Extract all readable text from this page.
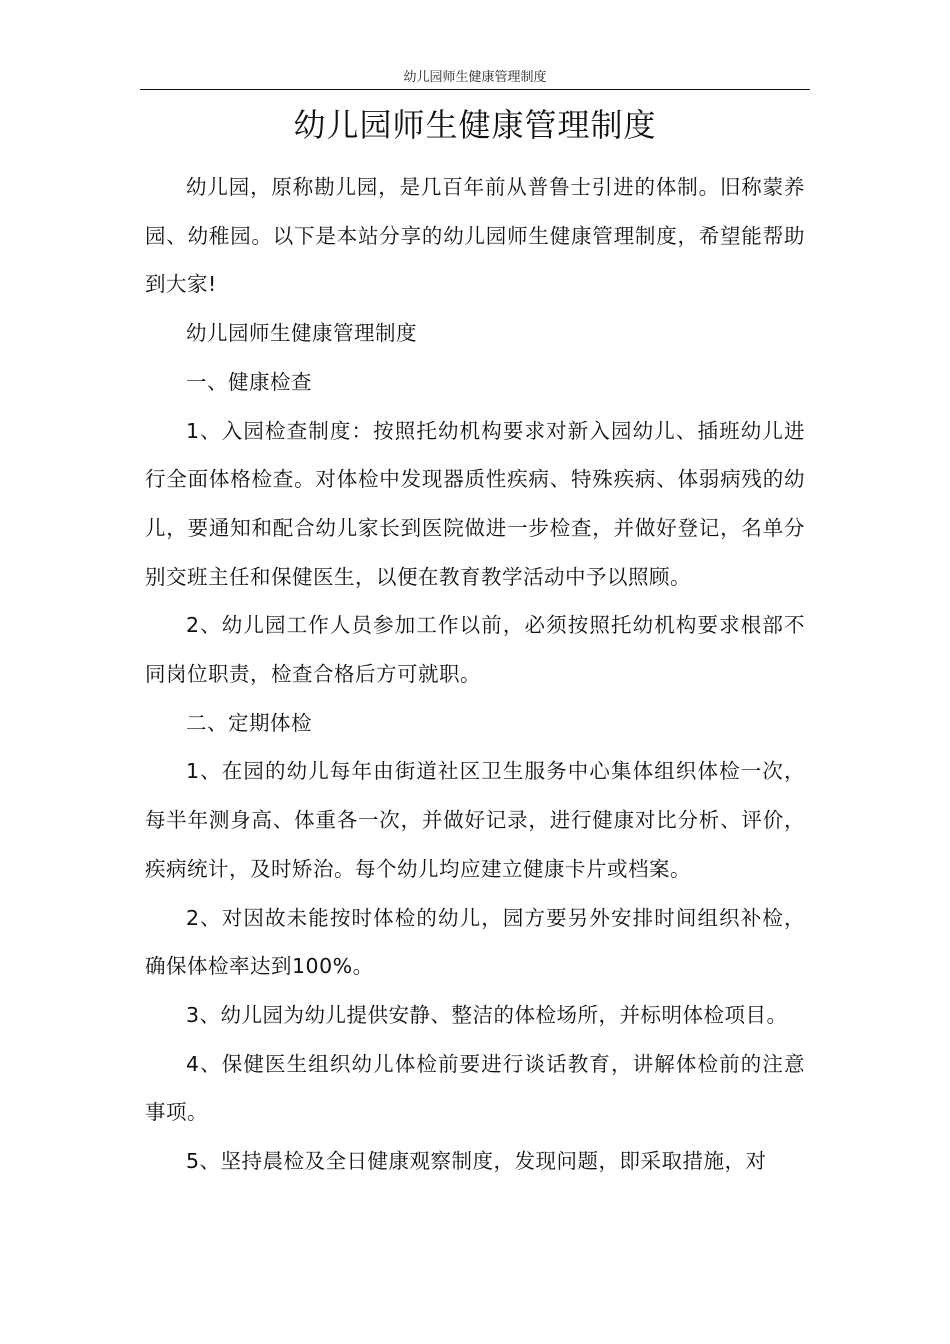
幼儿园师生健康管理制度
幼儿园师生健康管理制度

幼儿园，原称勘儿园，是几百年前从普鲁士引进的体制。旧称蒙养园、幼稚园。以下是本站分享的幼儿园师生健康管理制度，希望能帮助到大家!

幼儿园师生健康管理制度

一、健康检查

1、入园检查制度：按照托幼机构要求对新入园幼儿、插班幼儿进行全面体格检查。对体检中发现器质性疾病、特殊疾病、体弱病残的幼儿，要通知和配合幼儿家长到医院做进一步检查，并做好登记，名单分别交班主任和保健医生，以便在教育教学活动中予以照顾。

2、幼儿园工作人员参加工作以前，必须按照托幼机构要求根部不同岗位职责，检查合格后方可就职。

二、定期体检

1、在园的幼儿每年由街道社区卫生服务中心集体组织体检一次，每半年测身高、体重各一次，并做好记录，进行健康对比分析、评价，疾病统计，及时矫治。每个幼儿均应建立健康卡片或档案。

2、对因故未能按时体检的幼儿，园方要另外安排时间组织补检，确保体检率达到100%。

3、幼儿园为幼儿提供安静、整洁的体检场所，并标明体检项目。

4、保健医生组织幼儿体检前要进行谈话教育，讲解体检前的注意事项。

5、坚持晨检及全日健康观察制度，发现问题，即采取措施，对
